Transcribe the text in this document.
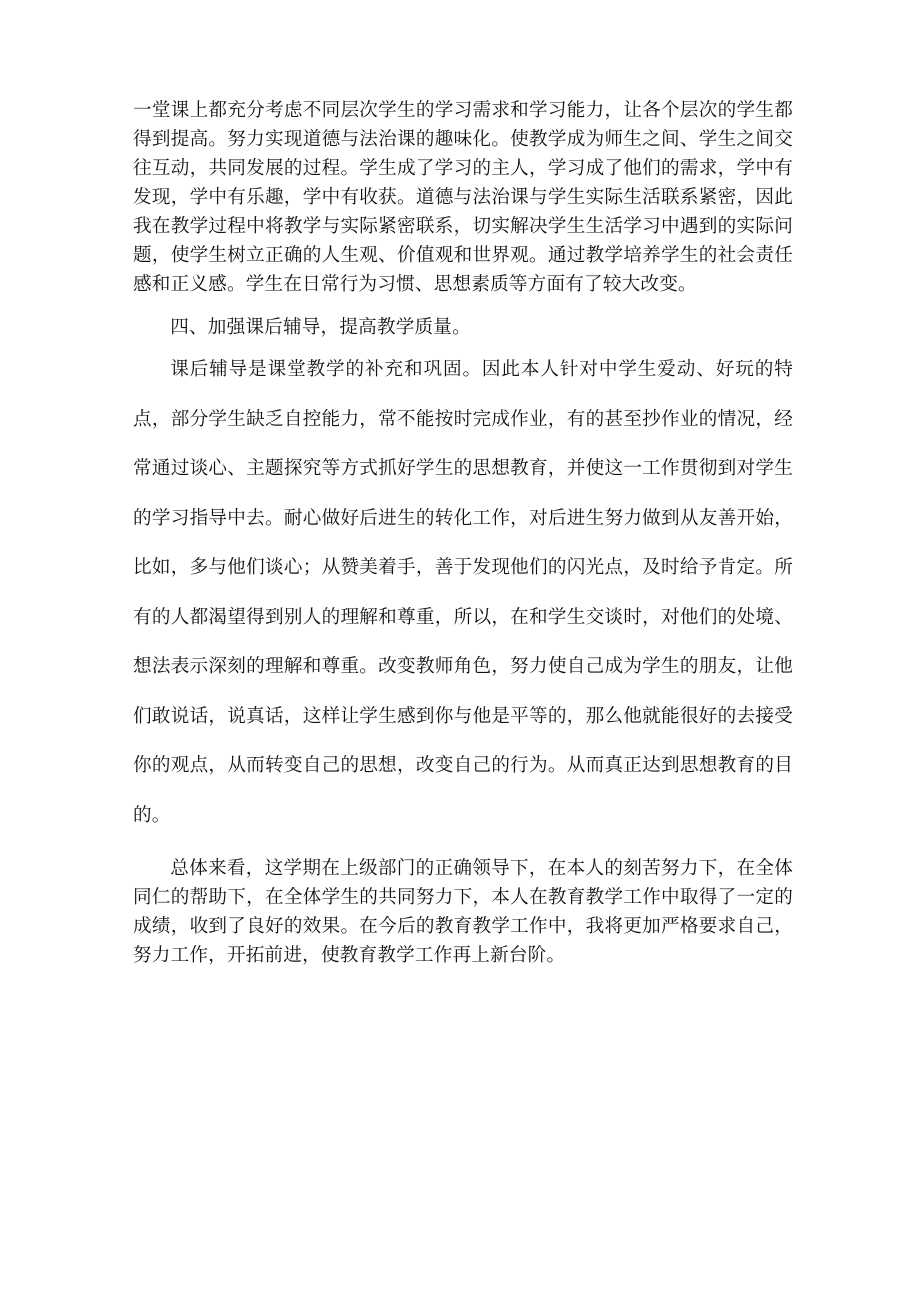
一堂课上都充分考虑不同层次学生的学习需求和学习能力，让各个层次的学生都得到提高。努力实现道德与法治课的趣味化。使教学成为师生之间、学生之间交往互动，共同发展的过程。学生成了学习的主人，学习成了他们的需求，学中有发现，学中有乐趣，学中有收获。道德与法治课与学生实际生活联系紧密，因此我在教学过程中将教学与实际紧密联系，切实解决学生生活学习中遇到的实际问题，使学生树立正确的人生观、价值观和世界观。通过教学培养学生的社会责任感和正义感。学生在日常行为习惯、思想素质等方面有了较大改变。

四、加强课后辅导，提高教学质量。

课后辅导是课堂教学的补充和巩固。因此本人针对中学生爱动、好玩的特点，部分学生缺乏自控能力，常不能按时完成作业，有的甚至抄作业的情况，经常通过谈心、主题探究等方式抓好学生的思想教育，并使这一工作贯彻到对学生的学习指导中去。耐心做好后进生的转化工作，对后进生努力做到从友善开始，比如，多与他们谈心；从赞美着手，善于发现他们的闪光点，及时给予肯定。所有的人都渴望得到别人的理解和尊重，所以，在和学生交谈时，对他们的处境、想法表示深刻的理解和尊重。改变教师角色，努力使自己成为学生的朋友，让他们敢说话，说真话，这样让学生感到你与他是平等的，那么他就能很好的去接受你的观点，从而转变自己的思想，改变自己的行为。从而真正达到思想教育的目的。

总体来看，这学期在上级部门的正确领导下，在本人的刻苦努力下，在全体同仁的帮助下，在全体学生的共同努力下，本人在教育教学工作中取得了一定的成绩，收到了良好的效果。在今后的教育教学工作中，我将更加严格要求自己，努力工作，开拓前进，使教育教学工作再上新台阶。
